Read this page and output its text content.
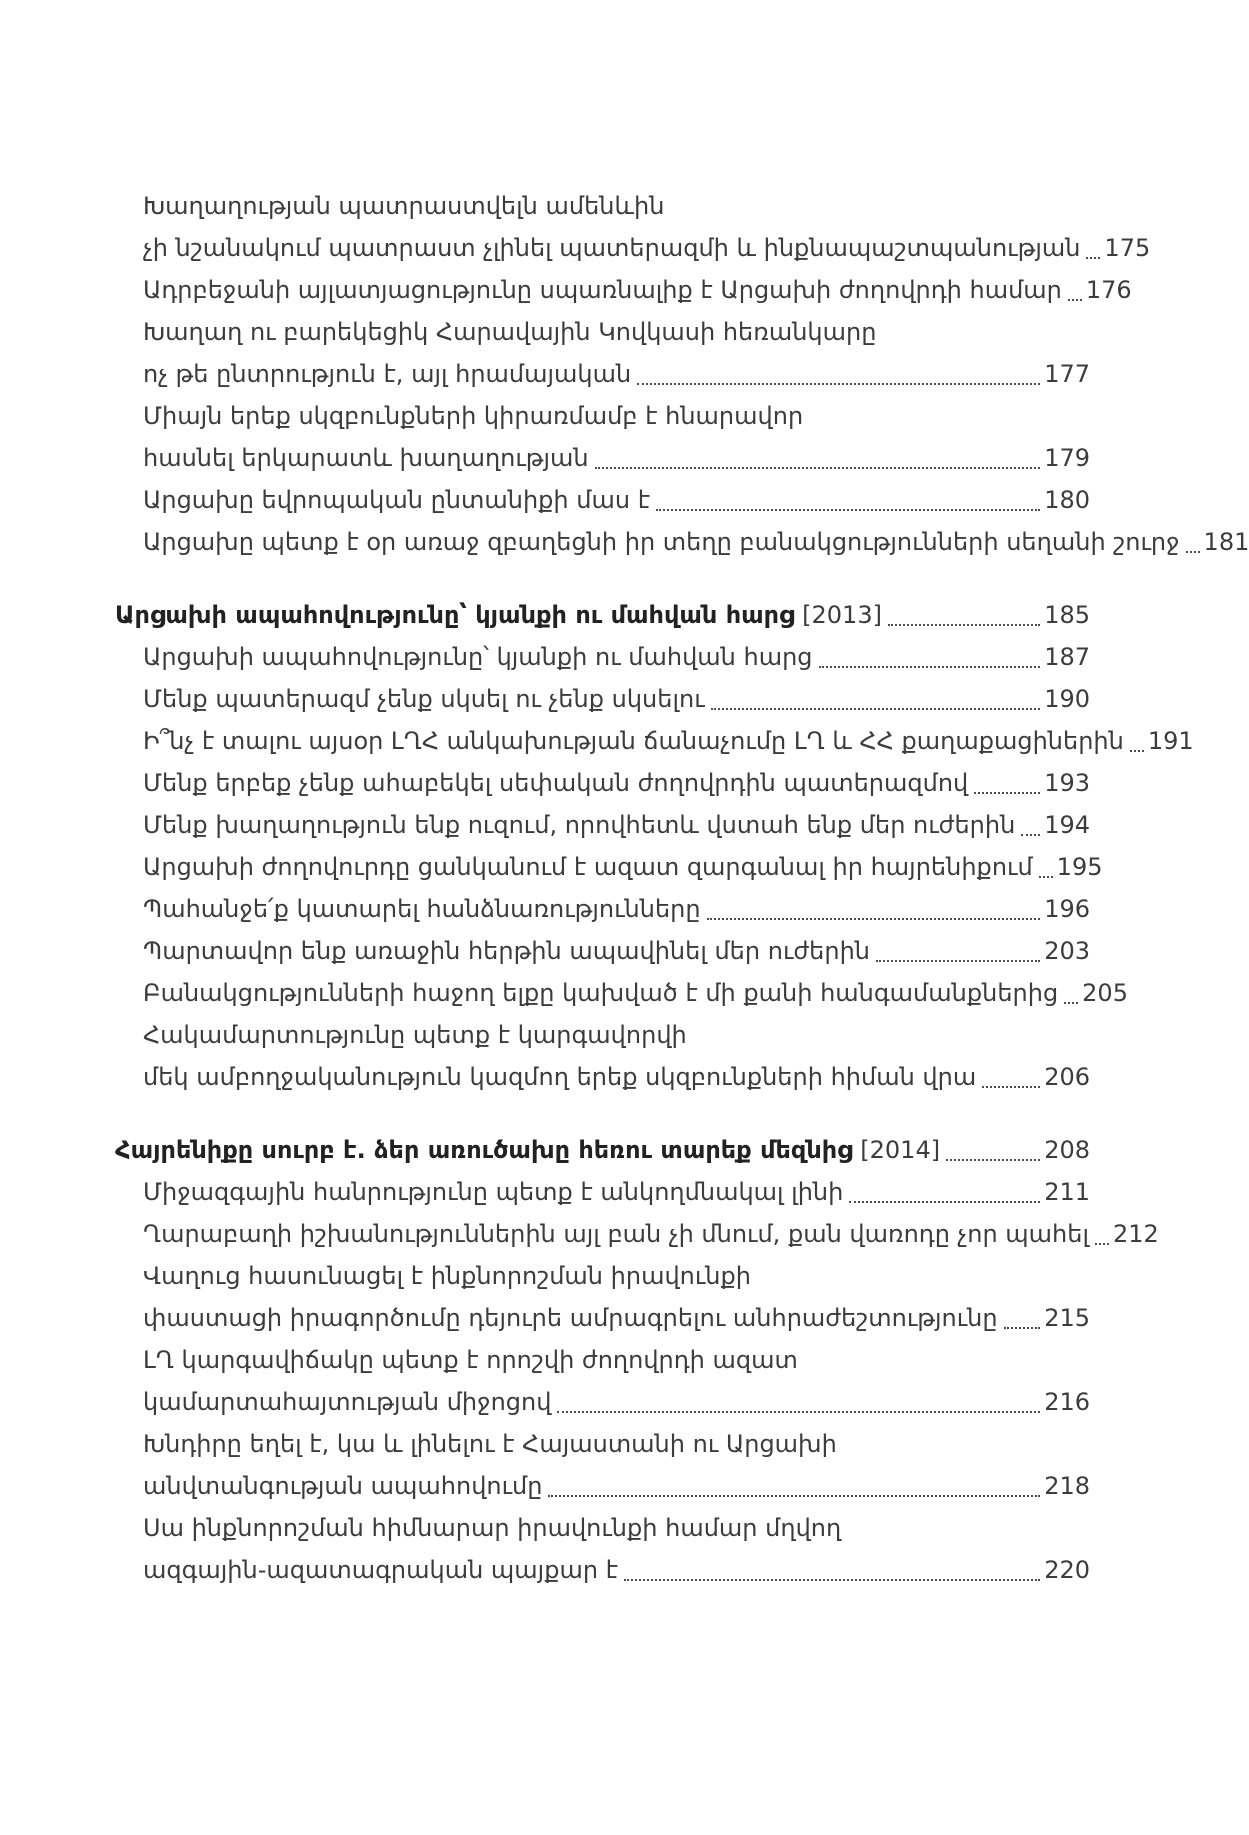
Խաղաղության պատրաստվելն ամենևին
չի նշանակում պատրաստ չլինել պատերազմի և ինքնապաշտպանության 175
Ադրբեջանի այլատյացությունը սպառնալիք է Արցախի ժողովրդի համար 176
Խաղաղ ու բարեկեցիկ Հարավային Կովկասի հեռանկարը
ոչ թե ընտրություն է, այլ հրամայական	177
Միայն երեք սկզբունքների կիրառմամբ է հնարավոր
հասնել երկարատև խաղաղության	179
Արցախը եվրոպական ընտանիքի մաս է	180
Արցախը պետք է օր առաջ զբաղեցնի իր տեղը բանակցությունների սեղանի շուրջ 181
Արցախի ապահովությունը՝ կյանքի ու մահվան հարց [2013]	185
Արցախի ապահովությունը՝ կյանքի ու մահվան հարց	187
Մենք պատերազմ չենք սկսել ու չենք սկսելու	190
Ի՞նչ է տալու այսօր ԼՂՀ անկախության ճանաչումը ԼՂ և ՀՀ քաղաքացիներին 191
Մենք երբեք չենք ահաբեկել սեփական ժողովրդին պատերազմով	193
Մենք խաղաղություն ենք ուզում, որովհետև վստահ ենք մեր ուժերին 194
Արցախի ժողովուրդը ցանկանում է ազատ զարգանալ իր հայրենիքում 195
Պահանջե՛ք կատարել հանձնառությունները	196
Պարտավոր ենք առաջին հերթին ապավինել մեր ուժերին	203
Բանակցությունների հաջող ելքը կախված է մի քանի հանգամանքներից 205
Հակամարտությունը պետք է կարգավորվի
մեկ ամբողջականություն կազմող երեք սկզբունքների հիման վրա	206
Հայրենիքը սուրբ է. ձեր առուծախը հեռու տարեք մեզնից [2014]	208
Միջազգային հանրությունը պետք է անկողմնակալ լինի	211
Ղարաբաղի իշխանություններին այլ բան չի մնում, քան վառոդը չոր պահել 212
Վաղուց հասունացել է ինքնորոշման իրավունքի
փաստացի իրագործումը դեյուրե ամրագրելու անհրաժեշտությունը 215
ԼՂ կարգավիճակը պետք է որոշվի ժողովրդի ազատ
կամարտահայտության միջոցով	216
Խնդիրը եղել է, կա և լինելու է Հայաստանի ու Արցախի
անվտանգության ապահովումը	218
Սա ինքնորոշման հիմնարար իրավունքի համար մղվող
ազգային-ազատագրական պայքար է	220
